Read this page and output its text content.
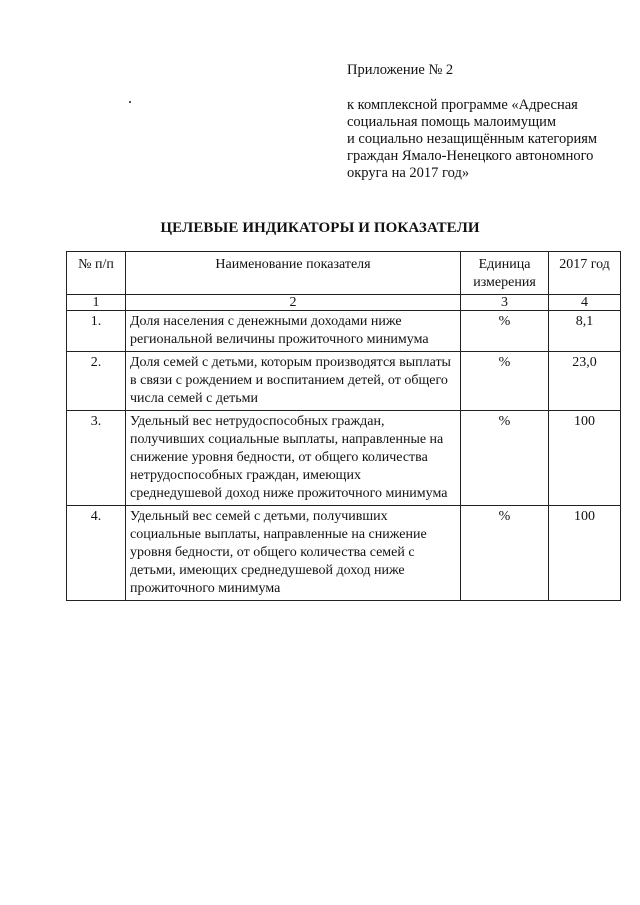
Приложение № 2
к комплексной программе «Адресная
социальная помощь малоимущим
и социально незащищённым категориям
граждан Ямало-Ненецкого автономного
округа на 2017 год»
ЦЕЛЕВЫЕ ИНДИКАТОРЫ И ПОКАЗАТЕЛИ
№ п/п	Наименование показателя	Единица измерения	2017 год
1	2	3	4
1.	Доля населения с денежными доходами ниже региональной величины прожиточного минимума	%	8,1
2.	Доля семей с детьми, которым производятся выплаты в связи с рождением и воспитанием детей, от общего числа семей с детьми	%	23,0
3.	Удельный вес нетрудоспособных граждан, получивших социальные выплаты, направленные на снижение уровня бедности, от общего количества нетрудоспособных граждан, имеющих среднедушевой доход ниже прожиточного минимума	%	100
4.	Удельный вес семей с детьми, получивших социальные выплаты, направленные на снижение уровня бедности, от общего количества семей с детьми, имеющих среднедушевой доход ниже прожиточного минимума	%	100
